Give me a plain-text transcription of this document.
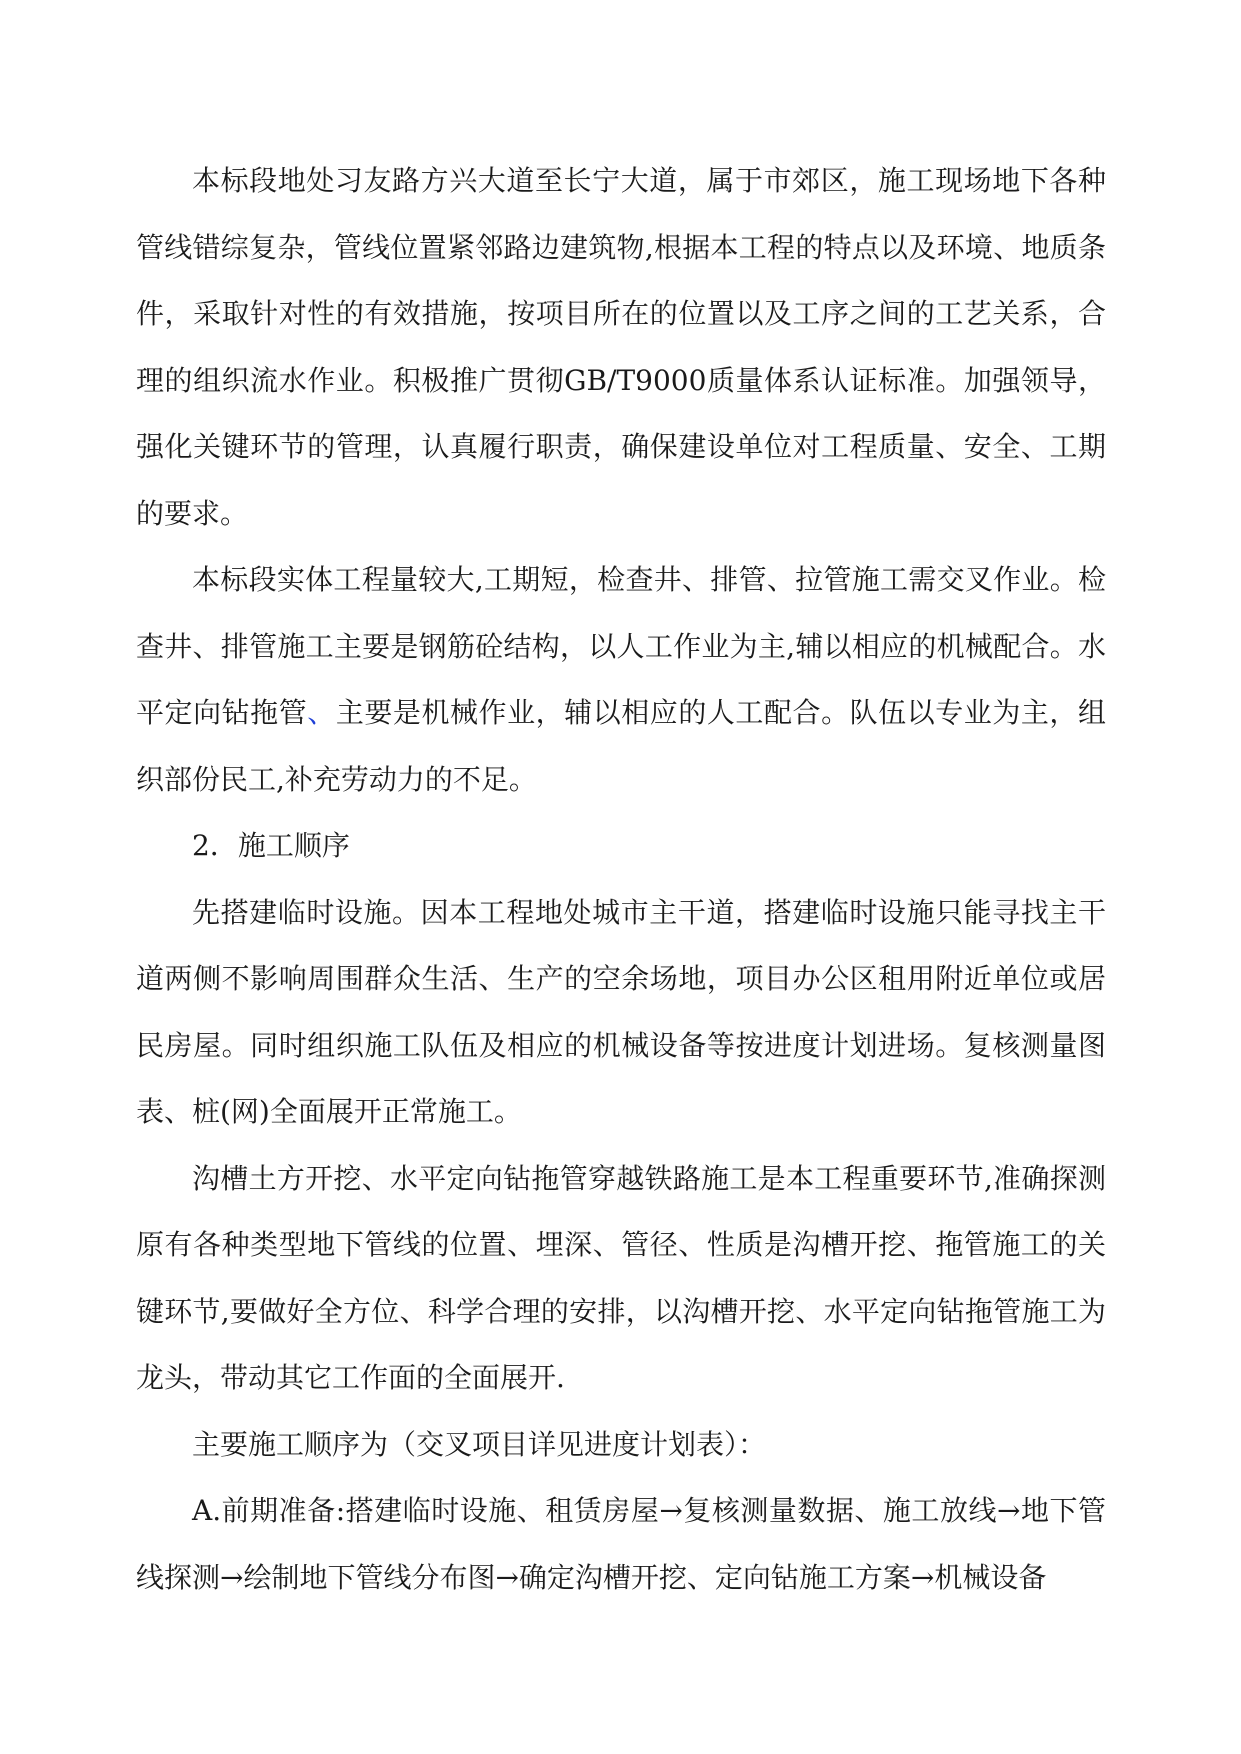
本标段地处习友路方兴大道至长宁大道，属于市郊区，施工现场地下各种管线错综复杂，管线位置紧邻路边建筑物,根据本工程的特点以及环境、地质条件，采取针对性的有效措施，按项目所在的位置以及工序之间的工艺关系，合理的组织流水作业。积极推广贯彻GB/T9000质量体系认证标准。加强领导，强化关键环节的管理，认真履行职责，确保建设单位对工程质量、安全、工期的要求。

本标段实体工程量较大,工期短，检查井、排管、拉管施工需交叉作业。检查井、排管施工主要是钢筋砼结构，以人工作业为主,辅以相应的机械配合。水平定向钻拖管、主要是机械作业，辅以相应的人工配合。队伍以专业为主，组织部份民工,补充劳动力的不足。

2．施工顺序

先搭建临时设施。因本工程地处城市主干道，搭建临时设施只能寻找主干道两侧不影响周围群众生活、生产的空余场地，项目办公区租用附近单位或居民房屋。同时组织施工队伍及相应的机械设备等按进度计划进场。复核测量图表、桩(网)全面展开正常施工。

沟槽土方开挖、水平定向钻拖管穿越铁路施工是本工程重要环节,准确探测原有各种类型地下管线的位置、埋深、管径、性质是沟槽开挖、拖管施工的关键环节,要做好全方位、科学合理的安排，以沟槽开挖、水平定向钻拖管施工为龙头，带动其它工作面的全面展开.

主要施工顺序为（交叉项目详见进度计划表）：

A.前期准备:搭建临时设施、租赁房屋→复核测量数据、施工放线→地下管线探测→绘制地下管线分布图→确定沟槽开挖、定向钻施工方案→机械设备
